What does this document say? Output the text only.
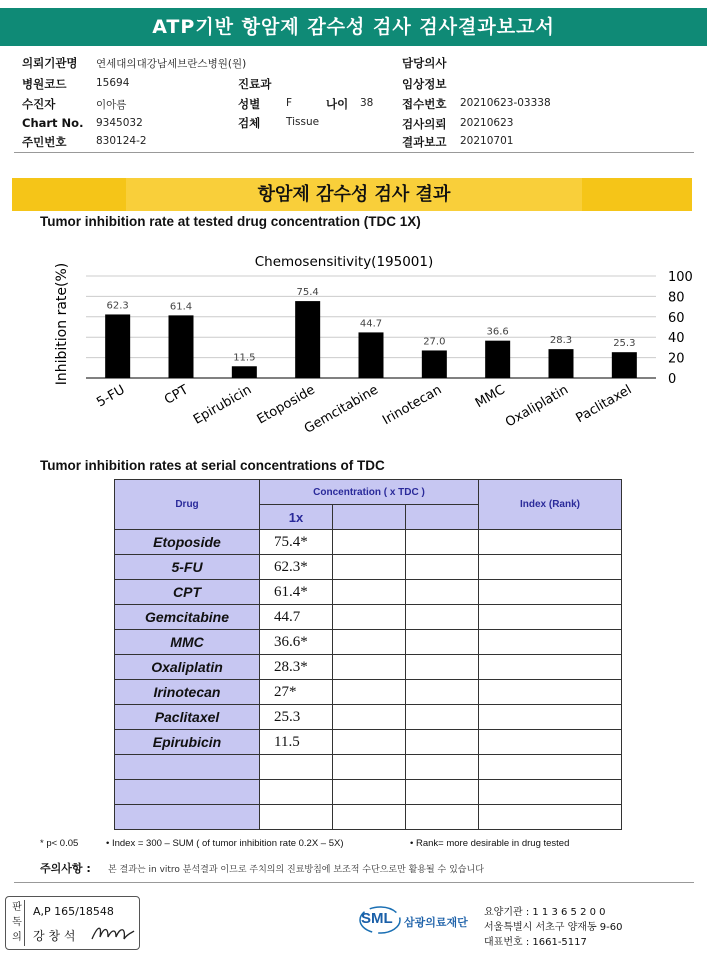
ATP기반 항암제 감수성 검사 검사결과보고서
의뢰기관명 연세대의대강남세브란스병원(원)
병원코드	15694
수진자	이아름
Chart No. 9345032
주민번호	830124-2
진료과
성별 F	나이 38
검체 Tissue
담당의사
임상정보
접수번호 20210623-03338
검사의뢰 20210623
결과보고 20210701
항암제 감수성 검사 결과
Tumor inhibition rate at tested drug concentration (TDC 1X)
Chemosensitivity(195001)
Inhibition rate(%)	0
20
40
60
80
100
62.3	61.4
11.5
75.4
44.7
27.0
36.6
28.3	25.3
5-FU	CPT Epirubicin Etoposide
Gemcitabine Irinotecan MMC
Oxaliplatin Paclitaxel
Tumor inhibition rates at serial concentrations of TDC
Drug	Concentration ( x TDC )			Index (Rank)
	1x			
Etoposide	75.4*			
5-FU	62.3*			
CPT	61.4*			
Gemcitabine	44.7			
MMC	36.6*			
Oxaliplatin	28.3*			
Irinotecan	27*			
Paclitaxel	25.3			
Epirubicin	11.5			

* p< 0.05	• Index = 300 – SUM ( of tumor inhibition rate 0.2X – 5X)	• Rank= more desirable in drug tested
주의사항 : 본 결과는 in vitro 분석결과 이므로 주치의의 진료방침에 보조적 수단으로만 활용될 수 있습니다
판독의
A,P 165/18548
강 창 석
SML 삼광의료재단
요양기관 : 1 1 3 6 5 2 0 0
서울특별시 서초구 양재동 9-60
대표번호 : 1661-5117
